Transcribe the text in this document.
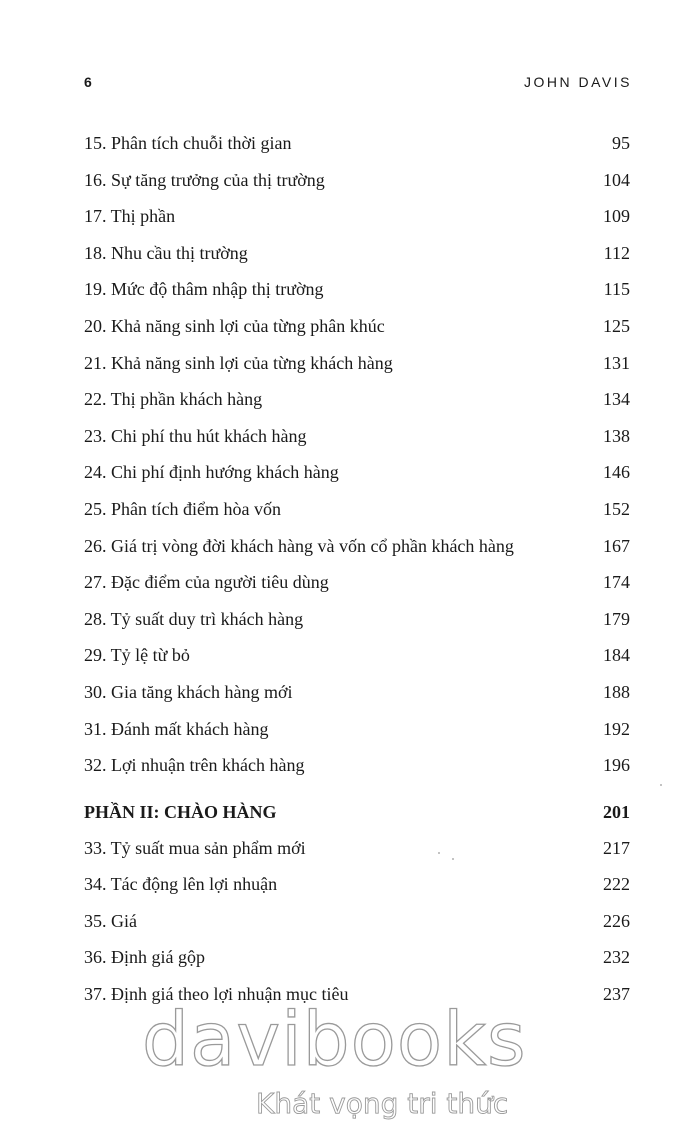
6	JOHN DAVIS
15. Phân tích chuỗi thời gian	95
16. Sự tăng trưởng của thị trường	104
17. Thị phần	109
18. Nhu cầu thị trường	112
19. Mức độ thâm nhập thị trường	115
20. Khả năng sinh lợi của từng phân khúc	125
21. Khả năng sinh lợi của từng khách hàng	131
22. Thị phần khách hàng	134
23. Chi phí thu hút khách hàng	138
24. Chi phí định hướng khách hàng	146
25. Phân tích điểm hòa vốn	152
26. Giá trị vòng đời khách hàng và vốn cổ phần khách hàng	167
27. Đặc điểm của người tiêu dùng	174
28. Tỷ suất duy trì khách hàng	179
29. Tỷ lệ từ bỏ	184
30. Gia tăng khách hàng mới	188
31. Đánh mất khách hàng	192
32. Lợi nhuận trên khách hàng	196
PHẦN II: CHÀO HÀNG	201
33. Tỷ suất mua sản phẩm mới	217
34. Tác động lên lợi nhuận	222
35. Giá	226
36. Định giá gộp	232
37. Định giá theo lợi nhuận mục tiêu	237
davibooks
Khát vọng tri thức
